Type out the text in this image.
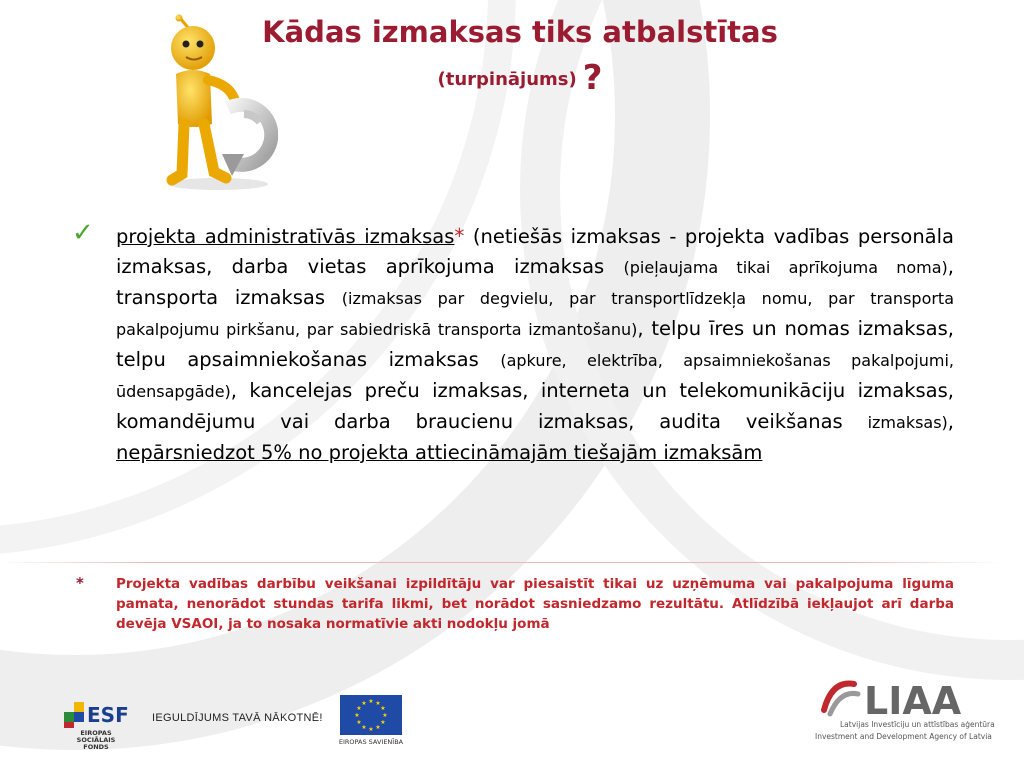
Kādas izmaksas tiks atbalstītas
(turpinājums) ?
✓ projekta administratīvās izmaksas* (netiešās izmaksas - projekta vadības personāla izmaksas, darba vietas aprīkojuma izmaksas (pieļaujama tikai aprīkojuma noma), transporta izmaksas (izmaksas par degvielu, par transportlīdzekļa nomu, par transporta pakalpojumu pirkšanu, par sabiedriskā transporta izmantošanu), telpu īres un nomas izmaksas, telpu apsaimniekošanas izmaksas (apkure, elektrība, apsaimniekošanas pakalpojumi, ūdensapgāde), kancelejas preču izmaksas, interneta un telekomunikāciju izmaksas, komandējumu vai darba braucienu izmaksas, audita veikšanas izmaksas), nepārsniedzot 5% no projekta attiecināmajām tiešajām izmaksām
* Projekta vadības darbību veikšanai izpildītāju var piesaistīt tikai uz uzņēmuma vai pakalpojuma līguma pamata, nenorādot stundas tarifa likmi, bet norādot sasniedzamo rezultātu. Atlīdzībā iekļaujot arī darba devēja VSAOI, ja to nosaka normatīvie akti nodokļu jomā
ESF
EIROPAS SOCIĀLAIS FONDS
IEGULDĪJUMS TAVĀ NĀKOTNĒ!
★ ★
★
★
★
★
★
★
★
★
★
★
EIROPAS SAVIENĪBA
LIAA
Latvijas Investīciju un attīstības aģentūra
Investment and Development Agency of Latvia
